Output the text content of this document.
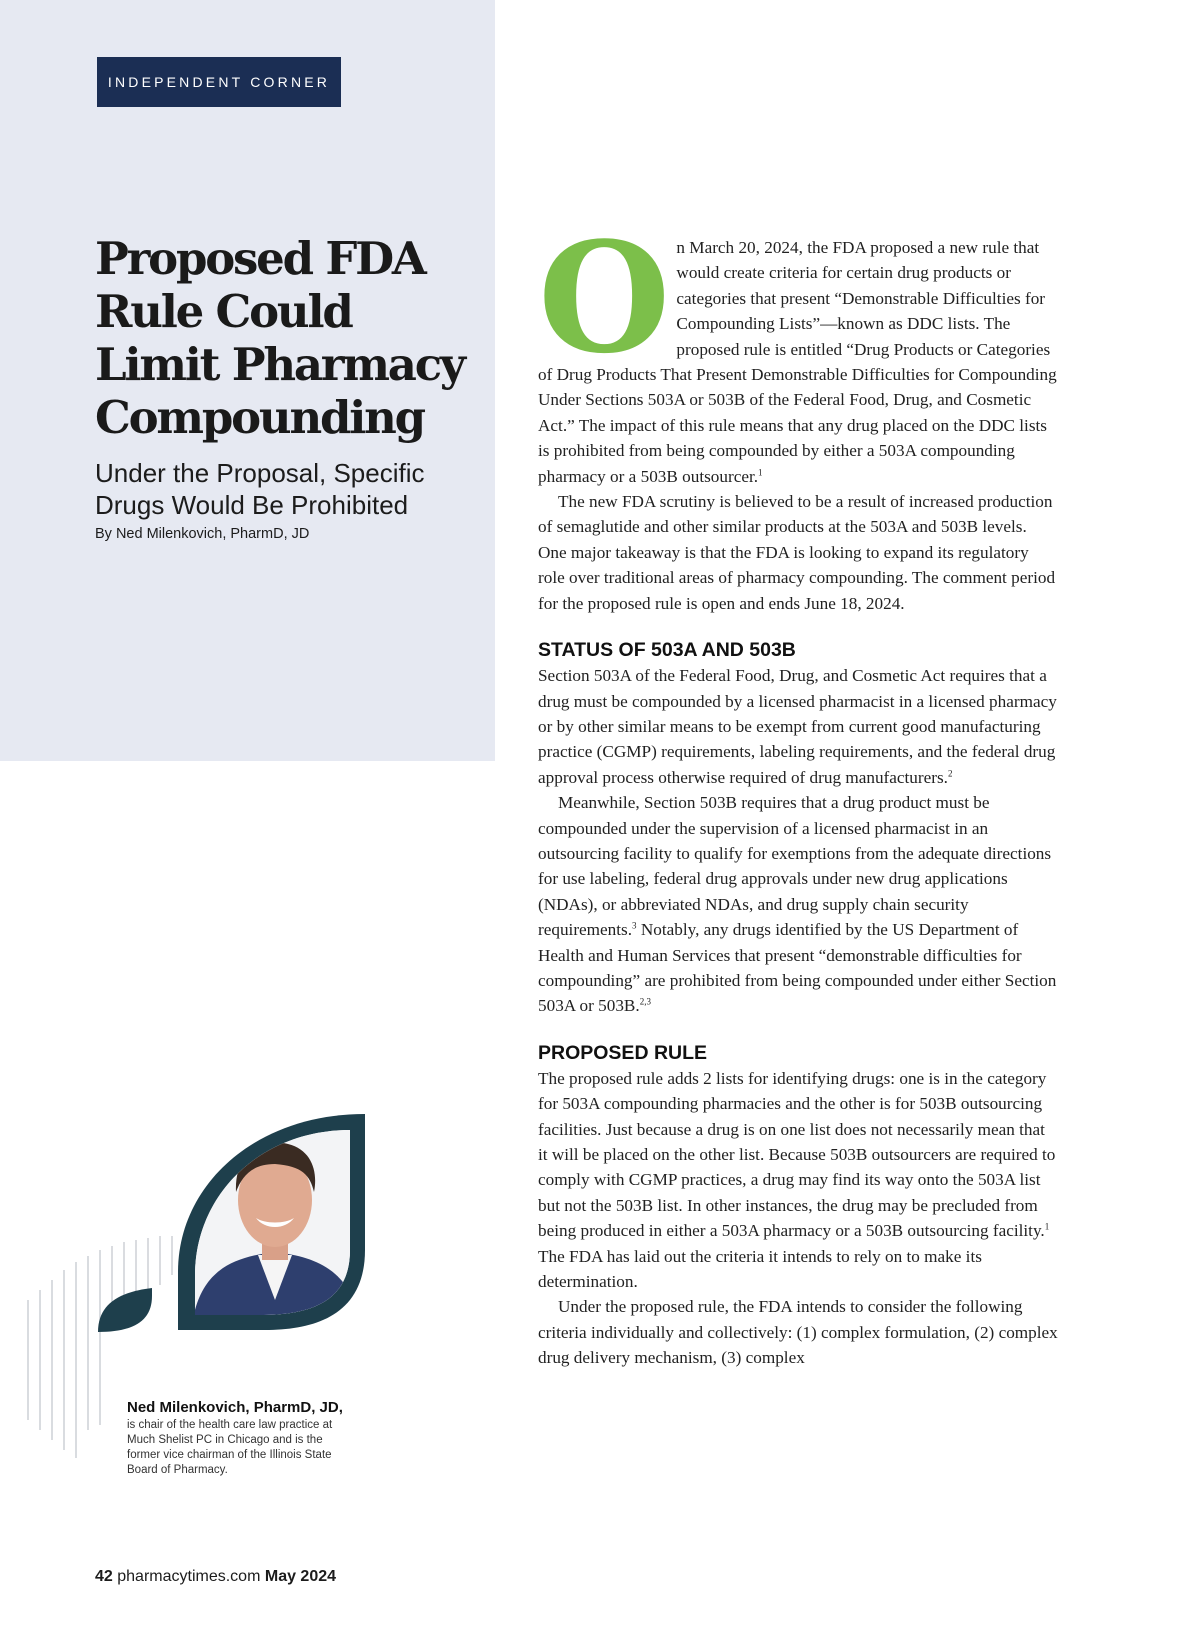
INDEPENDENT CORNER
Proposed FDA Rule Could Limit Pharmacy Compounding
Under the Proposal, Specific Drugs Would Be Prohibited
By Ned Milenkovich, PharmD, JD
O n March 20, 2024, the FDA proposed a new rule that would create criteria for certain drug products or categories that present “Demonstrable Difficulties for Compounding Lists”—known as DDC lists. The proposed rule is entitled “Drug Products or Categories of Drug Products That Present Demonstrable Difficulties for Compounding Under Sections 503A or 503B of the Federal Food, Drug, and Cosmetic Act.” The impact of this rule means that any drug placed on the DDC lists is prohibited from being compounded by either a 503A compounding pharmacy or a 503B outsourcer.$^1$

The new FDA scrutiny is believed to be a result of increased production of semaglutide and other similar products at the 503A and 503B levels. One major takeaway is that the FDA is looking to expand its regulatory role over traditional areas of pharmacy compounding. The comment period for the proposed rule is open and ends June 18, 2024.

STATUS OF 503A AND 503B

Section 503A of the Federal Food, Drug, and Cosmetic Act requires that a drug must be compounded by a licensed pharmacist in a licensed pharmacy or by other similar means to be exempt from current good manufacturing practice (CGMP) requirements, labeling requirements, and the federal drug approval process otherwise required of drug manufacturers.$^2$

Meanwhile, Section 503B requires that a drug product must be compounded under the supervision of a licensed pharmacist in an outsourcing facility to qualify for exemptions from the adequate directions for use labeling, federal drug approvals under new drug applications (NDAs), or abbreviated NDAs, and drug supply chain security requirements.$^3$ Notably, any drugs identified by the US Department of Health and Human Services that present “demonstrable difficulties for compounding” are prohibited from being compounded under either Section 503A or 503B.$^{2,3}$

PROPOSED RULE

The proposed rule adds 2 lists for identifying drugs: one is in the category for 503A compounding pharmacies and the other is for 503B outsourcing facilities. Just because a drug is on one list does not necessarily mean that it will be placed on the other list. Because 503B outsourcers are required to comply with CGMP practices, a drug may find its way onto the 503A list but not the 503B list. In other instances, the drug may be precluded from being produced in either a 503A pharmacy or a 503B outsourcing facility.$^1$ The FDA has laid out the criteria it intends to rely on to make its determination.

Under the proposed rule, the FDA intends to consider the following criteria individually and collectively: (1) complex formulation, (2) complex drug delivery mechanism, (3) complex

BIO
Ned Milenkovich, PharmD, JD, is chair of the health care law practice at Much Shelist PC in Chicago and is the former vice chairman of the Illinois State Board of Pharmacy.
42 pharmacytimes.com May 2024
